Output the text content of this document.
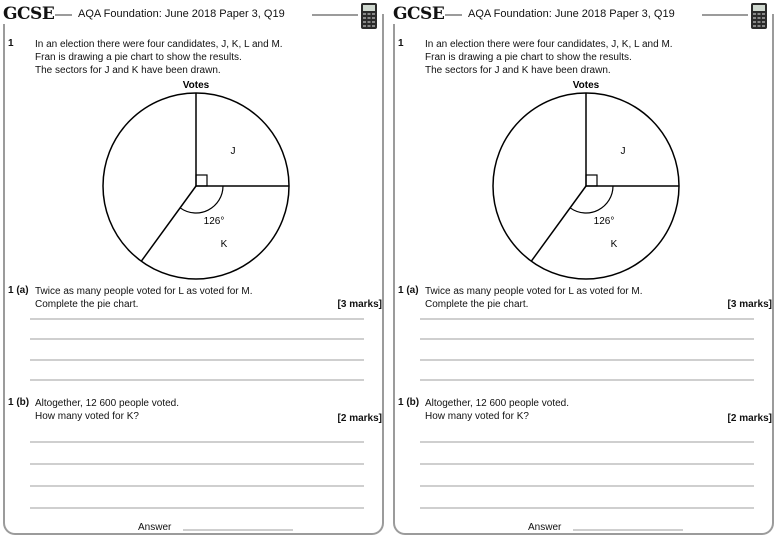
GCSE AQA Foundation: June 2018 Paper 3, Q19
1 In an election there were four candidates, J, K, L and M.
Fran is drawing a pie chart to show the results.
The sectors for J and K have been drawn.
Votes
J
K
126°
1 (a) Twice as many people voted for L as voted for M.
Complete the pie chart.	[3 marks]
1 (b) Altogether, 12 600 people voted.
How many voted for K?	[2 marks]
Answer
GCSE AQA Foundation: June 2018 Paper 3, Q19
1 In an election there were four candidates, J, K, L and M.
Fran is drawing a pie chart to show the results.
The sectors for J and K have been drawn.
Votes
J
K
126°
1 (a) Twice as many people voted for L as voted for M.
Complete the pie chart.	[3 marks]
1 (b) Altogether, 12 600 people voted.
How many voted for K?	[2 marks]
Answer
